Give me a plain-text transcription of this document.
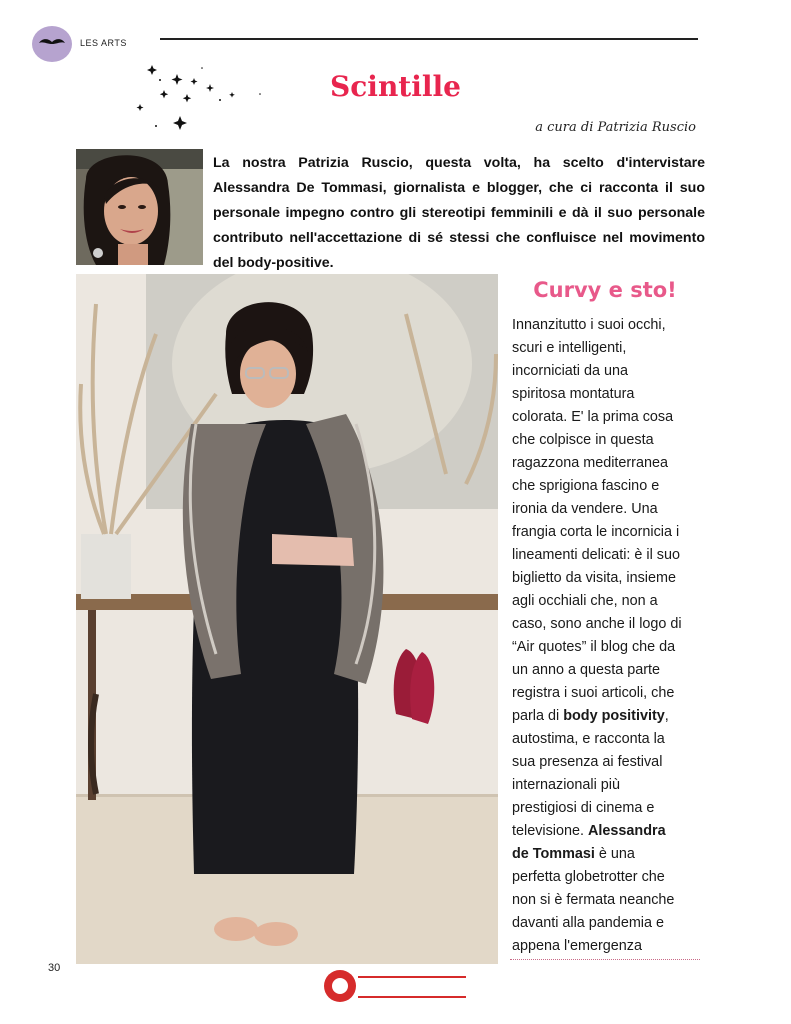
LES ARTS
Scintille
a cura di Patrizia Ruscio
La nostra Patrizia Ruscio, questa volta, ha scelto d'intervistare Alessandra De Tommasi, giornalista e blogger, che ci racconta il suo personale impegno contro gli stereotipi femminili e dà il suo personale contributo nell'accettazione di sé stessi che confluisce nel movimento del body-positive.
Curvy e sto!
Innanzitutto i suoi occhi,
scuri e intelligenti,
incorniciati da una
spiritosa montatura
colorata. E' la prima cosa
che colpisce in questa
ragazzona mediterranea
che sprigiona fascino e
ironia da vendere. Una
frangia corta le incornicia i
lineamenti delicati: è il suo
biglietto da visita, insieme
agli occhiali che, non a
caso, sono anche il logo di
“Air quotes” il blog che da
un anno a questa parte
registra i suoi articoli, che
parla di body positivity,
autostima, e racconta la
sua presenza ai festival
internazionali più
prestigiosi di cinema e
televisione. Alessandra
de Tommasi è una
perfetta globetrotter che
non si è fermata neanche
davanti alla pandemia e
appena l'emergenza
30
